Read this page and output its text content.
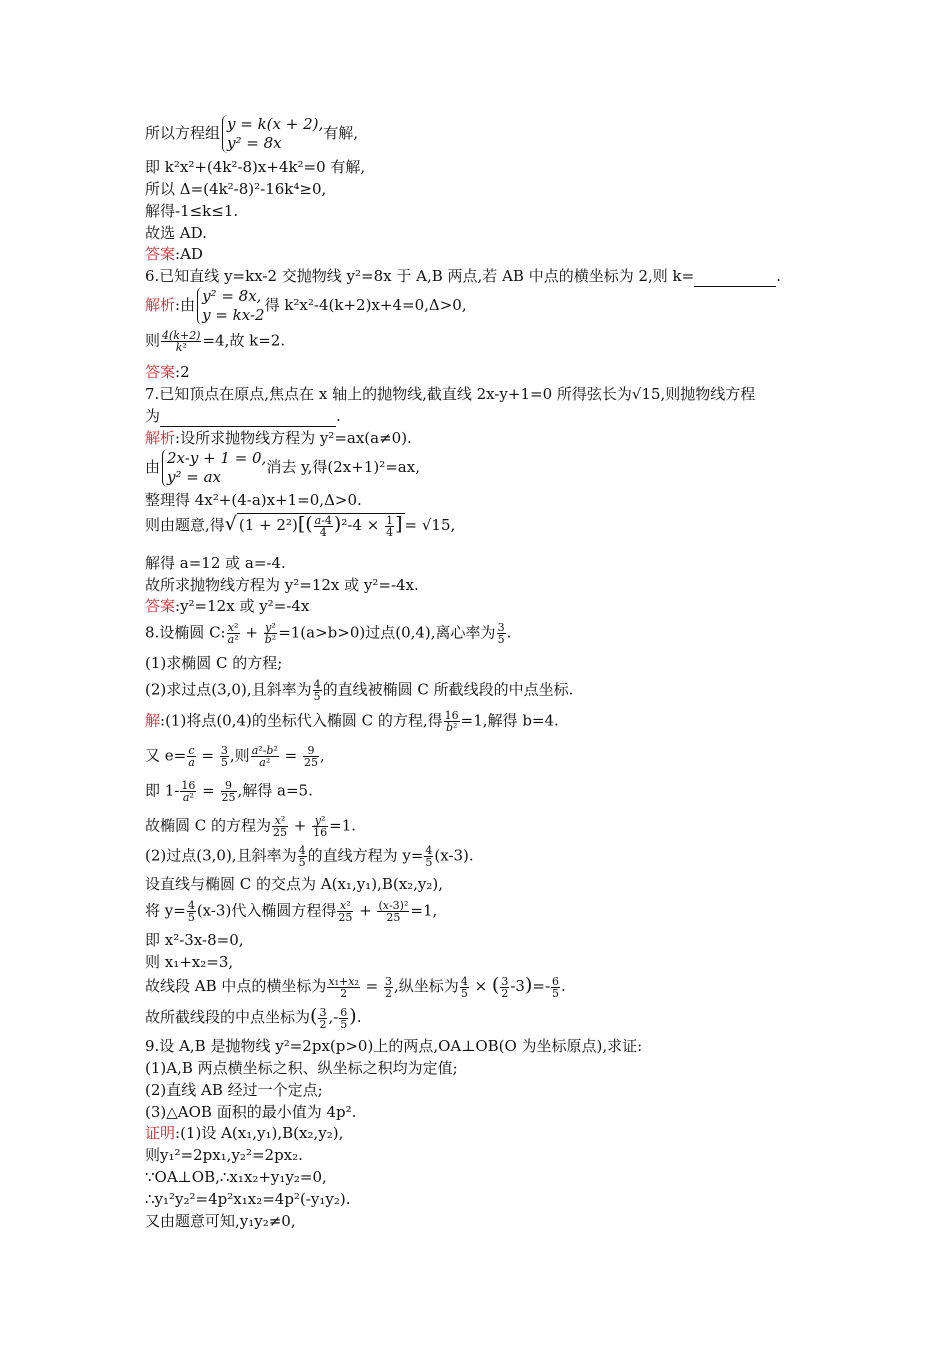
所以方程组 y = k(x + 2),
y² = 8x有解,
即 k²x²+(4k²-8)x+4k²=0 有解,
所以 Δ=(4k²-8)²-16k⁴≥0,
解得-1≤k≤1.
故选 AD.
答案:AD
6.已知直线 y=kx-2 交抛物线 y²=8x 于 A,B 两点,若 AB 中点的横坐标为 2,则 k=	.
解析:由 y² = 8x,
y = kx-2得 k²x²-4(k+2)x+4=0,Δ>0,
则 $\frac{4(k+2)}{\text{k²}} =4$,故 k=2.
答案:2
7.已知顶点在原点,焦点在 x 轴上的抛物线,截直线 2x-y+1=0 所得弦长为√15,则抛物线方程
为	.
解析:设所求抛物线方程为 y²=ax(a≠0).
由 2x-y + 1 = 0,
y² = ax消去 y,得(2x+1)²=ax,
整理得 4x²+(4-a)x+1=0,Δ>0.
则由题意,得√ $(1 + 2^2)[( \frac{a-4}{4} )^2-4 \times \frac{1}{4}$ ] = √15,
解得 a=12 或 a=-4.
故所求抛物线方程为 y²=12x 或 y²=-4x.
答案:y²=12x 或 y²=-4x
8.设椭圆 C: $\frac{\text{x²}}{\text{a²}} + \frac{\text{y²}}{\text{b²}} =1(a>b>0)$过点(0,4),离心率为 $\frac{3}{5}$ .
(1)求椭圆 C 的方程;
(2)求过点(3,0),且斜率为 $\frac{4}{5}$ 的直线被椭圆 C 所截线段的中点坐标.
解:(1)将点(0,4)的坐标代入椭圆 C 的方程,得 $\frac{16}{\text{b²}} =1$,解得 b=4.
又 $e= \frac{c}{a} = \frac{3}{5}$ ,则 $\frac{\text{a²-b²}}{\text{a²}} = \frac{9}{25}$ ,
即 $1- \frac{16}{\text{a²}} = \frac{9}{25}$ ,解得 a=5.
故椭圆 C 的方程为 $\frac{\text{x²}}{25} + \frac{\text{y²}}{16} =1$.
(2)过点(3,0),且斜率为 $\frac{4}{5}$ 的直线方程为 $y= \frac{4}{5} (x-3)$.
设直线与椭圆 C 的交点为 A(x₁,y₁),B(x₂,y₂),
将 $y= \frac{4}{5} (x-3)$代入椭圆方程得 $\frac{\text{x²}}{25} + \frac{\text{(x-3)²}}{25} =1$,
即 x²-3x-8=0,
则 x₁+x₂=3,
故线段 AB 中点的横坐标为 $\frac{\text{x₁+x₂}}{2} = \frac{3}{2}$ ,纵坐标为 $\frac{4}{5}$ × ( $\frac{3}{2} -3)=- \frac{6}{5}$ .
故所截线段的中点坐标为( $\frac{3}{2}$ ,- $\frac{6}{5}$ ).
9.设 A,B 是抛物线 y²=2px(p>0)上的两点,OA⊥OB(O 为坐标原点),求证:
(1)A,B 两点横坐标之积、纵坐标之积均为定值;
(2)直线 AB 经过一个定点;
(3)△AOB 面积的最小值为 4p².
证明:(1)设 A(x₁,y₁),B(x₂,y₂),
则y₁²=2px₁,y₂²=2px₂.
∵OA⊥OB,∴x₁x₂+y₁y₂=0,
∴y₁²y₂²=4p²x₁x₂=4p²(-y₁y₂).
又由题意可知,y₁y₂≠0,
